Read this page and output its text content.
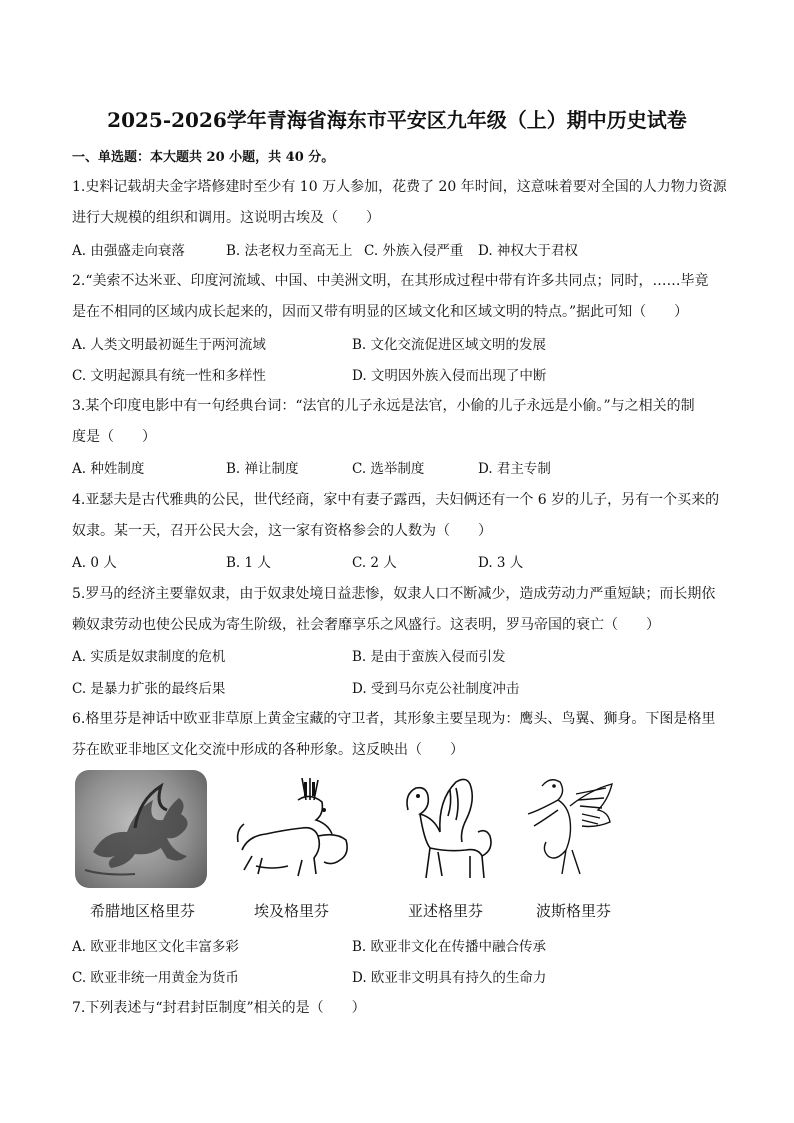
2025-2026学年青海省海东市平安区九年级（上）期中历史试卷
一、单选题：本大题共 20 小题，共 40 分。
1.史料记载胡夫金字塔修建时至少有 10 万人参加，花费了 20 年时间，这意味着要对全国的人力物力资源
进行大规模的组织和调用。这说明古埃及（　　）
A. 由强盛走向衰落	B. 法老权力至高无上 C. 外族入侵严重 D. 神权大于君权
2.“美索不达米亚、印度河流域、中国、中美洲文明，在其形成过程中带有许多共同点；同时，……毕竟
是在不相同的区域内成长起来的，因而又带有明显的区域文化和区域文明的特点。”据此可知（　　）
A. 人类文明最初诞生于两河流域	B. 文化交流促进区域文明的发展
C. 文明起源具有统一性和多样性	D. 文明因外族入侵而出现了中断
3.某个印度电影中有一句经典台词：“法官的儿子永远是法官，小偷的儿子永远是小偷。”与之相关的制
度是（　　）
A. 种姓制度	B. 禅让制度	C. 选举制度	D. 君主专制
4.亚瑟夫是古代雅典的公民，世代经商，家中有妻子露西，夫妇俩还有一个 6 岁的儿子，另有一个买来的
奴隶。某一天，召开公民大会，这一家有资格参会的人数为（　　）
A. 0 人	B. 1 人	C. 2 人	D. 3 人
5.罗马的经济主要靠奴隶，由于奴隶处境日益悲惨，奴隶人口不断减少，造成劳动力严重短缺；而长期依
赖奴隶劳动也使公民成为寄生阶级，社会奢靡享乐之风盛行。这表明，罗马帝国的衰亡（　　）
A. 实质是奴隶制度的危机	B. 是由于蛮族入侵而引发
C. 是暴力扩张的最终后果	D. 受到马尔克公社制度冲击
6.格里芬是神话中欧亚非草原上黄金宝藏的守卫者，其形象主要呈现为：鹰头、鸟翼、狮身。下图是格里
芬在欧亚非地区文化交流中形成的各种形象。这反映出（　　）
希腊地区格里芬	埃及格里芬	亚述格里芬	波斯格里芬
A. 欧亚非地区文化丰富多彩	B. 欧亚非文化在传播中融合传承
C. 欧亚非统一用黄金为货币	D. 欧亚非文明具有持久的生命力
7.下列表述与“封君封臣制度”相关的是（　　）
